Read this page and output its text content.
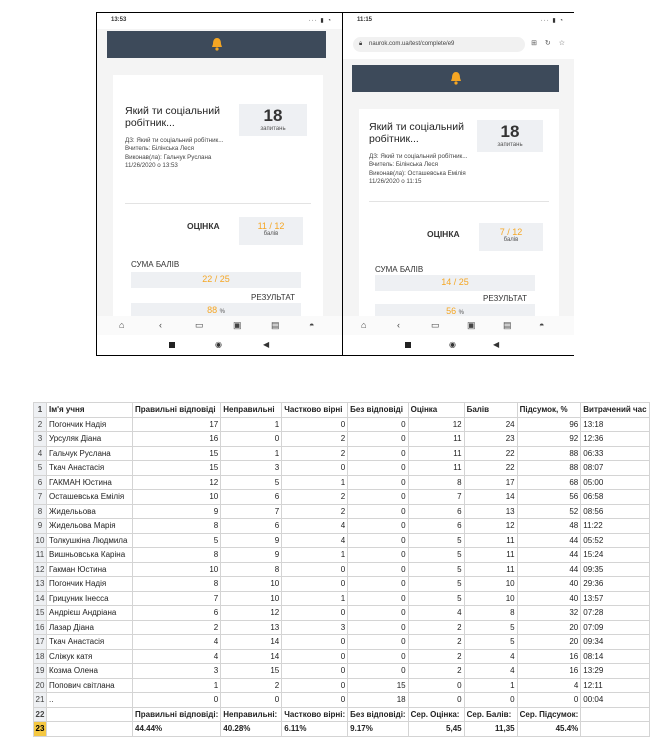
13:53	··· ▮ ◔
Який ти соціальний робітник...
ДЗ: Який ти соціальний робітник...
Вчитель: Білінська Леся
Виконав(ла): Гальчук Руслана
11/26/2020 о 13:53
18
запитань
ОЦІНКА	11 / 12
балів
СУМА БАЛІВ
22 / 25
РЕЗУЛЬТАТ
88 %
⌂	‹	▭	▣	▤	◓
◉	◀
11:15	··· ▮ ◔
🔒︎ naurok.com.ua/test/complete/e9	⊞ ↻ ☆
Який ти соціальний робітник...
ДЗ: Який ти соціальний робітник...
Вчитель: Білінська Леся
Виконав(ла): Осташевська Емілія
11/26/2020 о 11:15
18
запитань
ОЦІНКА	7 / 12
балів
СУМА БАЛІВ
14 / 25
РЕЗУЛЬТАТ
56 %
⌂	‹	▭	▣	▤	◓
◉	◀
1	Ім'я учня	Правильні відповіді	Неправильні	Частково вірні	Без відповіді	Оцінка	Балів	Підсумок, %	Витрачений час
2	Погончик Надія	17	1	0	0	12	24	96	13:18
3	Урсуляк Діана	16	0	2	0	11	23	92	12:36
4	Гальчук Руслана	15	1	2	0	11	22	88	06:33
5	Ткач Анастасія	15	3	0	0	11	22	88	08:07
6	ГАКМАН Юстина	12	5	1	0	8	17	68	05:00
7	Осташевська Емілія	10	6	2	0	7	14	56	06:58
8	Жиделььова	9	7	2	0	6	13	52	08:56
9	Жидельова Марія	8	6	4	0	6	12	48	11:22
10	Толкушкіна Людмила	5	9	4	0	5	11	44	05:52
11	Вишньовська Каріна	8	9	1	0	5	11	44	15:24
12	Гакман Юстина	10	8	0	0	5	11	44	09:35
13	Погончик Надія	8	10	0	0	5	10	40	29:36
14	Грицуник Інесса	7	10	1	0	5	10	40	13:57
15	Андрієш Андріана	6	12	0	0	4	8	32	07:28
16	Лазар Діана	2	13	3	0	2	5	20	07:09
17	Ткач Анастасія	4	14	0	0	2	5	20	09:34
18	Сліжук катя	4	14	0	0	2	4	16	08:14
19	Козма Олена	3	15	0	0	2	4	16	13:29
20	Попович світлана	1	2	0	15	0	1	4	12:11
21	..	0	0	0	18	0	0	0	00:04
22		Правильні відповіді:	Неправильні:	Частково вірні:	Без відповіді:	Сер. Оцінка:	Сер. Балів:	Сер. Підсумок:	
23		44.44%	40.28%	6.11%	9.17%	5,45	11,35	45.4%	
